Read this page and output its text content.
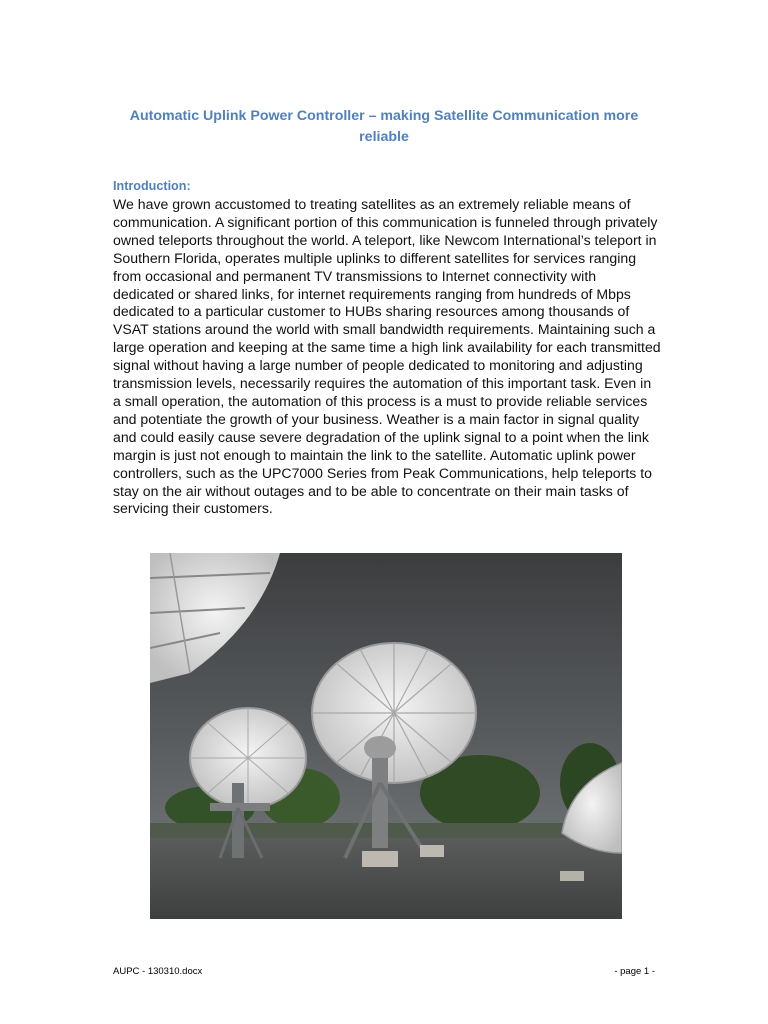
Automatic Uplink Power Controller – making Satellite Communication more reliable
Introduction:
We have grown accustomed to treating satellites as an extremely reliable means of communication. A significant portion of this communication is funneled through privately owned teleports throughout the world. A teleport, like Newcom International’s teleport in Southern Florida, operates multiple uplinks to different satellites for services ranging from occasional and permanent TV transmissions to Internet connectivity with dedicated or shared links, for internet requirements ranging from hundreds of Mbps dedicated to a particular customer to HUBs sharing resources among thousands of VSAT stations around the world with small bandwidth requirements. Maintaining such a large operation and keeping at the same time a high link availability for each transmitted signal without having a large number of people dedicated to monitoring and adjusting transmission levels, necessarily requires the automation of this important task. Even in a small operation, the automation of this process is a must to provide reliable services and potentiate the growth of your business. Weather is a main factor in signal quality and could easily cause severe degradation of the uplink signal to a point when the link margin is just not enough to maintain the link to the satellite. Automatic uplink power controllers, such as the UPC7000 Series from Peak Communications, help teleports to stay on the air without outages and to be able to concentrate on their main tasks of servicing their customers.
AUPC - 130310.docx	- page 1 -
